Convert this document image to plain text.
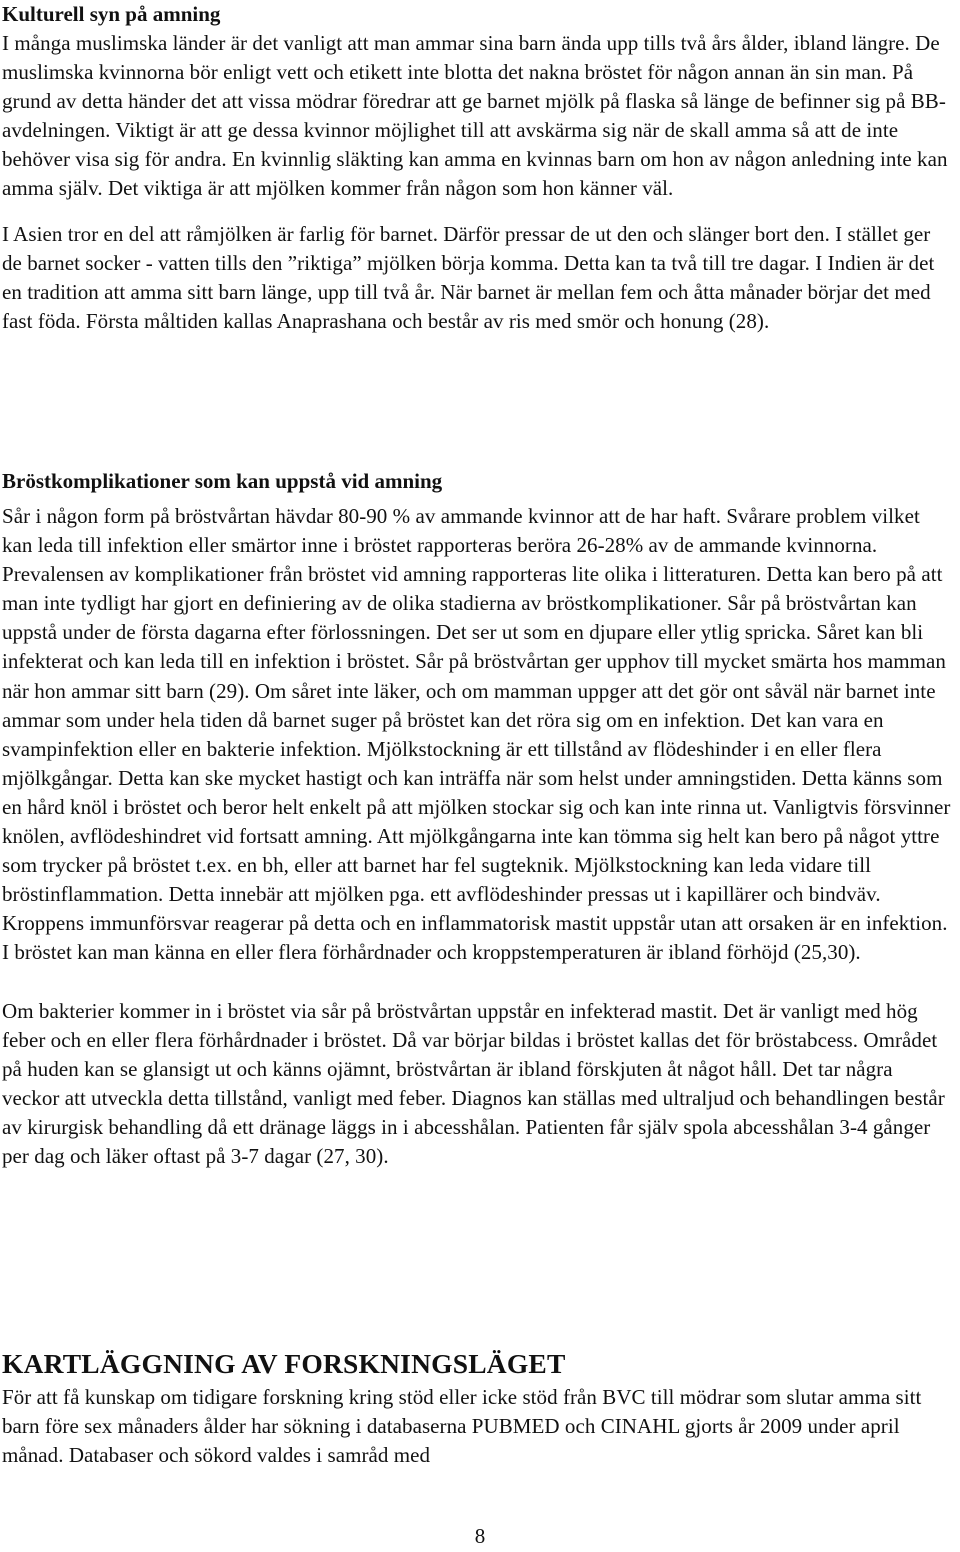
Kulturell syn på amning

I många muslimska länder är det vanligt att man ammar sina barn ända upp tills två års ålder, ibland längre. De muslimska kvinnorna bör enligt vett och etikett inte blotta det nakna bröstet för någon annan än sin man. På grund av detta händer det att vissa mödrar föredrar att ge barnet mjölk på flaska så länge de befinner sig på BB-avdelningen. Viktigt är att ge dessa kvinnor möjlighet till att avskärma sig när de skall amma så att de inte behöver visa sig för andra. En kvinnlig släkting kan amma en kvinnas barn om hon av någon anledning inte kan amma själv. Det viktiga är att mjölken kommer från någon som hon känner väl.

I Asien tror en del att råmjölken är farlig för barnet. Därför pressar de ut den och slänger bort den. I stället ger de barnet socker - vatten tills den ”riktiga” mjölken börja komma. Detta kan ta två till tre dagar. I Indien är det en tradition att amma sitt barn länge, upp till två år. När barnet är mellan fem och åtta månader börjar det med fast föda. Första måltiden kallas Anaprashana och består av ris med smör och honung (28).

Bröstkomplikationer som kan uppstå vid amning

Sår i någon form på bröstvårtan hävdar 80-90 % av ammande kvinnor att de har haft. Svårare problem vilket kan leda till infektion eller smärtor inne i bröstet rapporteras beröra 26-28% av de ammande kvinnorna. Prevalensen av komplikationer från bröstet vid amning rapporteras lite olika i litteraturen. Detta kan bero på att man inte tydligt har gjort en definiering av de olika stadierna av bröstkomplikationer. Sår på bröstvårtan kan uppstå under de första dagarna efter förlossningen. Det ser ut som en djupare eller ytlig spricka. Såret kan bli infekterat och kan leda till en infektion i bröstet. Sår på bröstvårtan ger upphov till mycket smärta hos mamman när hon ammar sitt barn (29). Om såret inte läker, och om mamman uppger att det gör ont såväl när barnet inte ammar som under hela tiden då barnet suger på bröstet kan det röra sig om en infektion. Det kan vara en svampinfektion eller en bakterie infektion. Mjölkstockning är ett tillstånd av flödeshinder i en eller flera mjölkgångar. Detta kan ske mycket hastigt och kan inträffa när som helst under amningstiden. Detta känns som en hård knöl i bröstet och beror helt enkelt på att mjölken stockar sig och kan inte rinna ut. Vanligtvis försvinner knölen, avflödeshindret vid fortsatt amning. Att mjölkgångarna inte kan tömma sig helt kan bero på något yttre som trycker på bröstet t.ex. en bh, eller att barnet har fel sugteknik. Mjölkstockning kan leda vidare till bröstinflammation. Detta innebär att mjölken pga. ett avflödeshinder pressas ut i kapillärer och bindväv. Kroppens immunförsvar reagerar på detta och en inflammatorisk mastit uppstår utan att orsaken är en infektion. I bröstet kan man känna en eller flera förhårdnader och kroppstemperaturen är ibland förhöjd (25,30).

Om bakterier kommer in i bröstet via sår på bröstvårtan uppstår en infekterad mastit. Det är vanligt med hög feber och en eller flera förhårdnader i bröstet. Då var börjar bildas i bröstet kallas det för bröstabcess. Området på huden kan se glansigt ut och känns ojämnt, bröstvårtan är ibland förskjuten åt något håll. Det tar några veckor att utveckla detta tillstånd, vanligt med feber. Diagnos kan ställas med ultraljud och behandlingen består av kirurgisk behandling då ett dränage läggs in i abcesshålan. Patienten får själv spola abcesshålan 3-4 gånger per dag och läker oftast på 3-7 dagar (27, 30).

KARTLÄGGNING AV FORSKNINGSLÄGET

För att få kunskap om tidigare forskning kring stöd eller icke stöd från BVC till mödrar som slutar amma sitt barn före sex månaders ålder har sökning i databaserna PUBMED och CINAHL gjorts år 2009 under april månad. Databaser och sökord valdes i samråd med

8
